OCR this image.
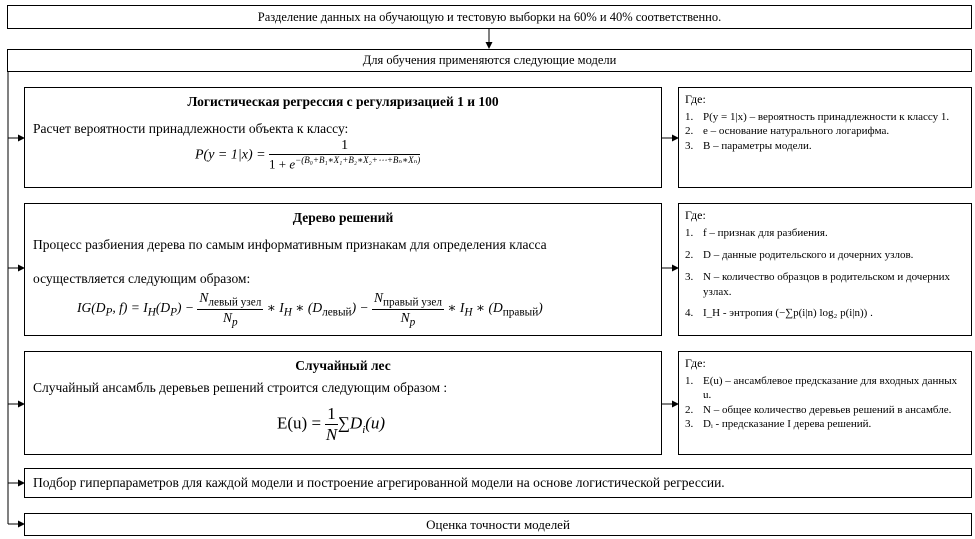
Разделение данных на обучающую и тестовую выборки на 60% и 40% соответственно.
Для обучения применяются следующие модели
Логистическая регрессия с регуляризацией 1 и 100
Расчет вероятности принадлежности объекта к классу:
$P(y = 1|x) = \frac{1}{1 + e^{-(B_0+B_1∗X_1+B_2∗X_2+\cdots+B_n∗X_n)}}$
Где:
1. P(y = 1|x) – вероятность принадлежности к классу 1.
2. e – основание натурального логарифма.
3. B – параметры модели.
Дерево решений
Процесс разбиения дерева по самым информативным признакам для определения класса
осуществляется следующим образом:
$IG(D_P$, $f) = I_H(D_P) - \frac{N_{левый узел}}{N_p}$ ∗ $I_H$ ∗ $(D_{левый}) - \frac{N_{правый узел}}{N_p}$ ∗ $I_H$ ∗ $(D_{правый})$
Где:
1. f – признак для разбиения.
2. D – данные родительского и дочерних узлов.
3. N – количество образцов в родительском и дочерних узлах.
4. I_H - энтропия (−∑p(i|n) log₂ p(i|n)) .
Случайный лес
Случайный ансамбль деревьев решений строится следующим образом :
$E(u) = \frac{1}{N} \sum D_i(u)$
Где:
1. E(u) – ансамблевое предсказание для входных данных u.
2. N – общее количество деревьев решений в ансамбле.
3. Dᵢ - предсказание I дерева решений.
Подбор гиперпараметров для каждой модели и построение агрегированной модели на основе логистической регрессии.
Оценка точности моделей
